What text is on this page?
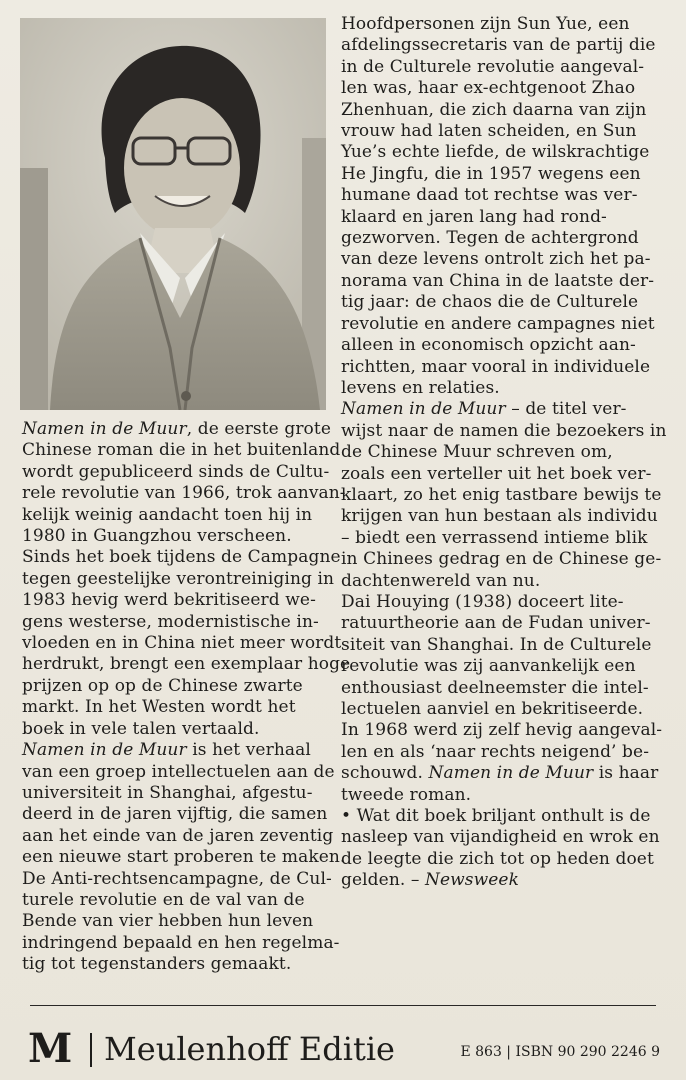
Namen in de Muur, de eerste grote

Chinese roman die in het buitenland

wordt gepubliceerd sinds de Cultu-

rele revolutie van 1966, trok aanvan-

kelijk weinig aandacht toen hij in

1980 in Guangzhou verscheen.

Sinds het boek tijdens de Campagne

tegen geestelijke verontreiniging in

1983 hevig werd bekritiseerd we-

gens westerse, modernistische in-

vloeden en in China niet meer wordt

herdrukt, brengt een exemplaar hoge

prijzen op op de Chinese zwarte

markt. In het Westen wordt het

boek in vele talen vertaald.

Namen in de Muur is het verhaal

van een groep intellectuelen aan de

universiteit in Shanghai, afgestu-

deerd in de jaren vijftig, die samen

aan het einde van de jaren zeventig

een nieuwe start proberen te maken.

De Anti-rechtsencampagne, de Cul-

turele revolutie en de val van de

Bende van vier hebben hun leven

indringend bepaald en hen regelma-

tig tot tegenstanders gemaakt.

Hoofdpersonen zijn Sun Yue, een

afdelingssecretaris van de partij die

in de Culturele revolutie aangeval-

len was, haar ex-echtgenoot Zhao

Zhenhuan, die zich daarna van zijn

vrouw had laten scheiden, en Sun

Yue’s echte liefde, de wilskrachtige

He Jingfu, die in 1957 wegens een

humane daad tot rechtse was ver-

klaard en jaren lang had rond-

gezworven. Tegen de achtergrond

van deze levens ontrolt zich het pa-

norama van China in de laatste der-

tig jaar: de chaos die de Culturele

revolutie en andere campagnes niet

alleen in economisch opzicht aan-

richtten, maar vooral in individuele

levens en relaties.

Namen in de Muur – de titel ver-

wijst naar de namen die bezoekers in

de Chinese Muur schreven om,

zoals een verteller uit het boek ver-

klaart, zo het enig tastbare bewijs te

krijgen van hun bestaan als individu

– biedt een verrassend intieme blik

in Chinees gedrag en de Chinese ge-

dachtenwereld van nu.

Dai Houying (1938) doceert lite-

ratuurtheorie aan de Fudan univer-

siteit van Shanghai. In de Culturele

revolutie was zij aanvankelijk een

enthousiast deelneemster die intel-

lectuelen aanviel en bekritiseerde.

In 1968 werd zij zelf hevig aangeval-

len en als ‘naar rechts neigend’ be-

schouwd. Namen in de Muur is haar

tweede roman.

• Wat dit boek briljant onthult is de

nasleep van vijandigheid en wrok en

de leegte die zich tot op heden doet

gelden. – Newsweek

M Meulenhoff Editie	E 863 | ISBN 90 290 2246 9
